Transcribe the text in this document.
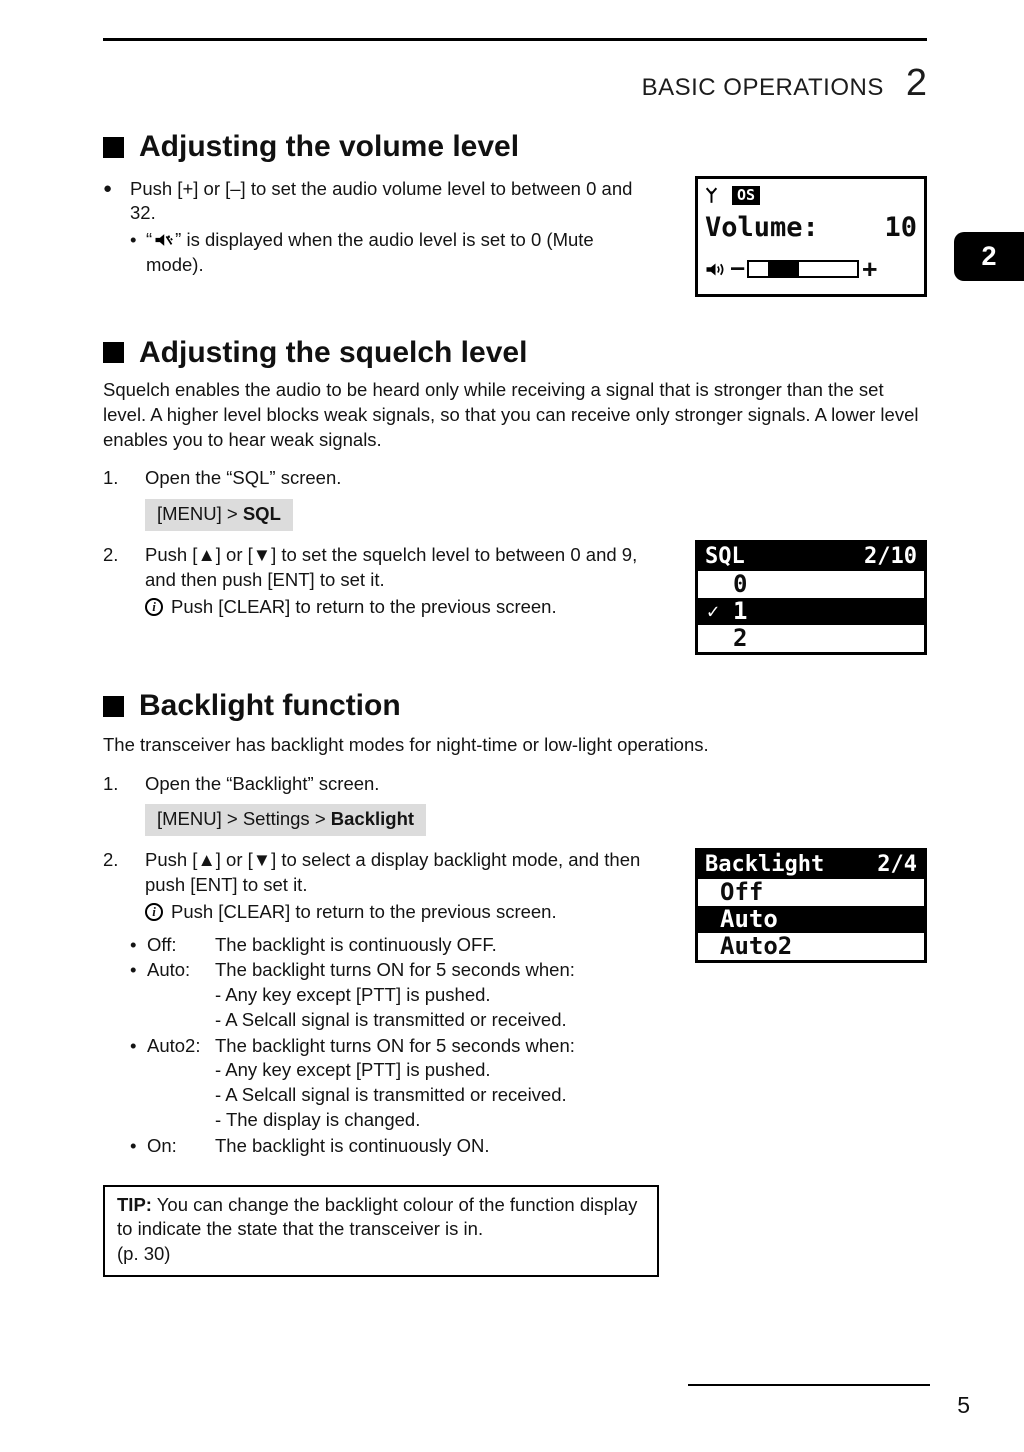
BASIC OPERATIONS 2
2
Adjusting the volume level
● Push [+] or [–] to set the audio volume level to between 0 and 32.
• “ ” is displayed when the audio level is set to 0 (Mute mode).
Adjusting the squelch level
Squelch enables the audio to be heard only while receiving a signal that is stronger than the set level. A higher level blocks weak signals, so that you can receive only stronger signals. A lower level enables you to hear weak signals.
1.	Open the “SQL” screen.
[MENU] > SQL
2.	Push [▲] or [▼] to set the squelch level to between 0 and 9, and then push [ENT] to set it.
i Push [CLEAR] to return to the previous screen.
Backlight function
The transceiver has backlight modes for night-time or low-light operations.
1.	Open the “Backlight” screen.
[MENU] > Settings > Backlight
2.	Push [▲] or [▼] to select a display backlight mode, and then push [ENT] to set it.
i Push [CLEAR] to return to the previous screen.
• Off:	The backlight is continuously OFF.
• Auto:	The backlight turns ON for 5 seconds when:
- Any key except [PTT] is pushed.
- A Selcall signal is transmitted or received.
• Auto2: The backlight turns ON for 5 seconds when:
- Any key except [PTT] is pushed.
- A Selcall signal is transmitted or received.
- The display is changed.
• On:	The backlight is continuously ON.
TIP: You can change the backlight colour of the function display to indicate the state that the transceiver is in.
(p. 30)
OS
Volume: 10
—	+
SQL	2/10
0
✓ 1
2
Backlight 2/4
Off
Auto
Auto2
5
